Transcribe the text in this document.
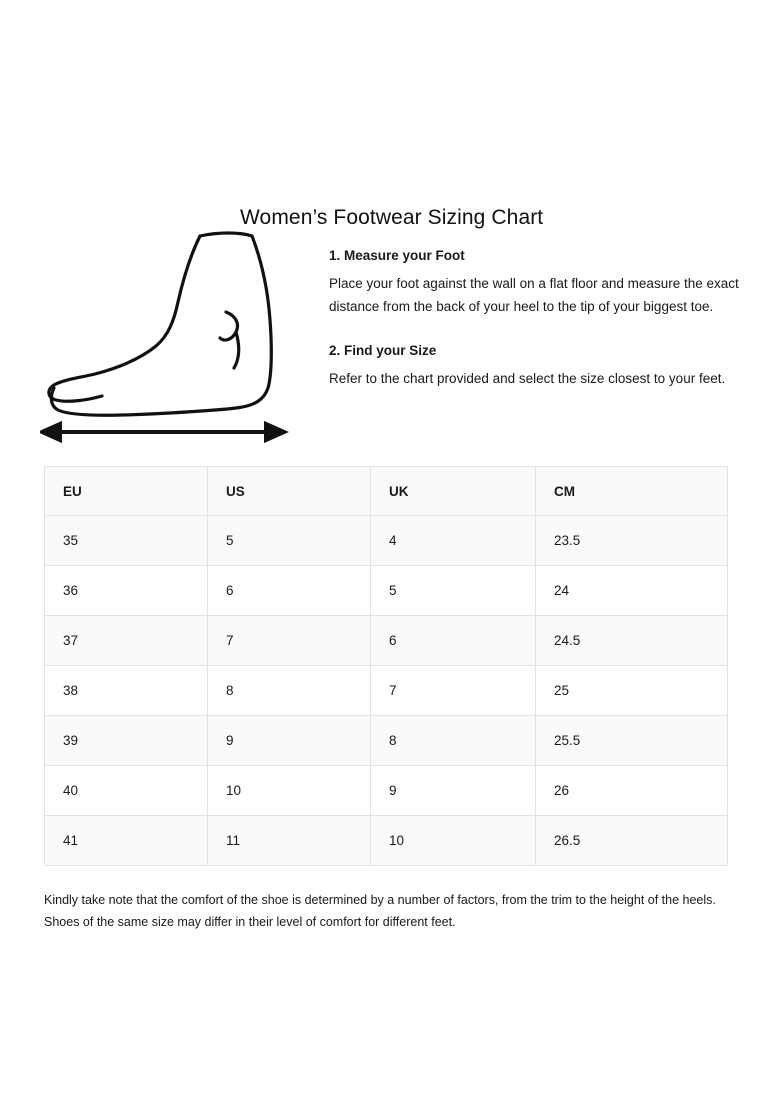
Women’s Footwear Sizing Chart

1. Measure your Foot

Place your foot against the wall on a flat floor and measure the exact distance from the back of your heel to the tip of your biggest toe.

2. Find your Size

Refer to the chart provided and select the size closest to your feet.

EU	US	UK	CM
35	5	4	23.5
36	6	5	24
37	7	6	24.5
38	8	7	25
39	9	8	25.5
40	10	9	26
41	11	10	26.5

Kindly take note that the comfort of the shoe is determined by a number of factors, from the trim to the height of the heels. Shoes of the same size may differ in their level of comfort for different feet.
